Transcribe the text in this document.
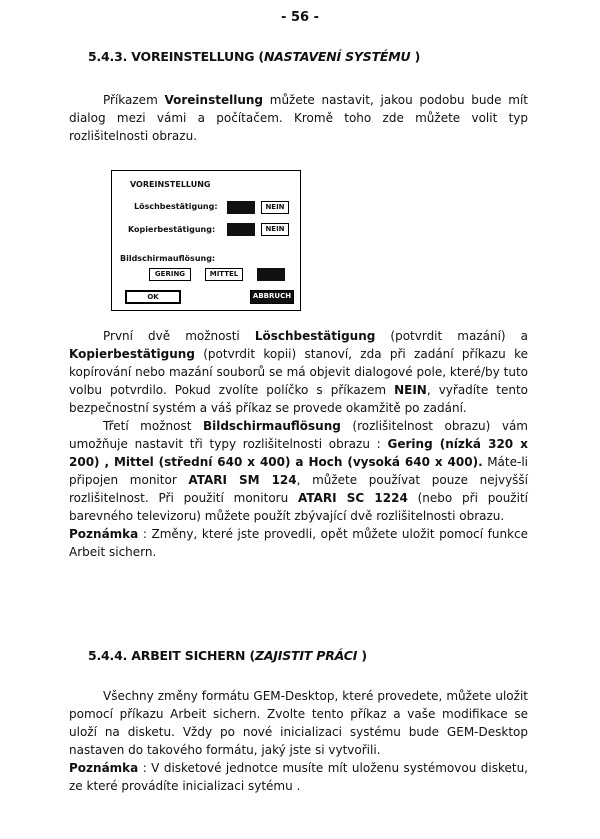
- 56 -
5.4.3. VOREINSTELLUNG (NASTAVENÍ SYSTÉMU )

Příkazem Voreinstellung můžete nastavit, jakou podobu bude mít dialog mezi vámi a počítačem. Kromě toho zde můžete volit typ rozlišitelnosti obrazu.

VOREINSTELLUNG
Löschbestätigung:	NEIN
Kopierbestätigung:	NEIN
Bildschirmauflösung:
GERING	MITTEL
OK	ABBRUCH

První dvě možnosti Löschbestätigung (potvrdit mazání) a Kopierbestätigung (potvrdit kopii) stanoví, zda při zadání příkazu ke kopírování nebo mazání souborů se má objevit dialogové pole, které/by tuto volbu potvrdilo. Pokud zvolíte políčko s příkazem NEIN, vyřadíte tento bezpečnostní systém a váš příkaz se provede okamžitě po zadání.

Třetí možnost Bildschirmauflösung (rozlišitelnost obrazu) vám umožňuje nastavit tři typy rozlišitelnosti obrazu : Gering (nízká 320 x 200) , Mittel (střední 640 x 400) a Hoch (vysoká 640 x 400). Máte-li připojen monitor ATARI SM 124, můžete používat pouze nejvyšší rozlišitelnost. Při použití monitoru ATARI SC 1224 (nebo při použití barevného televizoru) můžete použít zbývající dvě rozlišitelnosti obrazu.

Poznámka : Změny, které jste provedli, opět můžete uložit pomocí funkce Arbeit sichern.

5.4.4. ARBEIT SICHERN (ZAJISTIT PRÁCI )

Všechny změny formátu GEM-Desktop, které provedete, můžete uložit pomocí příkazu Arbeit sichern. Zvolte tento příkaz a vaše modifikace se uloží na disketu. Vždy po nové inicializaci systému bude GEM-Desktop nastaven do takového formátu, jaký jste si vytvořili.

Poznámka : V disketové jednotce musíte mít uloženu systémovou disketu, ze které provádíte inicializaci sytému .
